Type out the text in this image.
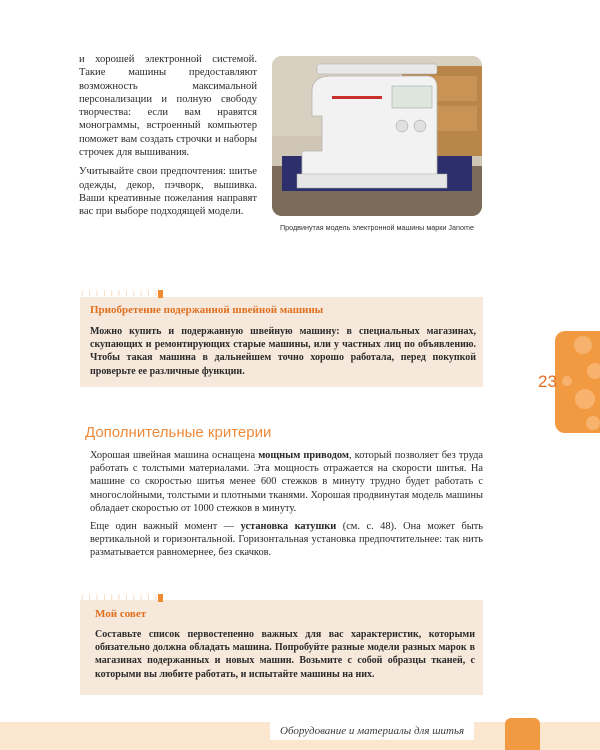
и хорошей электронной системой. Такие машины предоставляют возможность максимальной персонализации и полную свободу творчества: если вам нравятся монограммы, встроенный компьютер поможет вам создать строчки и наборы строчек для вышивания.

Учитывайте свои предпочтения: шитье одежды, декор, пэчворк, вышивка. Ваши креативные пожелания направят вас при выборе подходящей модели.

Продвинутая модель электронной машины марки Janome
⁝ ⁝ ⁝ ⁝ ⁝ ⁝ ⁝ ⁝ ⁝ ⁝ ⁝
Приобретение подержанной швейной машины
Можно купить и подержанную швейную машину: в специальных магазинах, скупающих и ремонтирующих старые машины, или у частных лиц по объявлению. Чтобы такая машина в дальнейшем точно хорошо работала, перед покупкой проверьте ее различные функции.
Дополнительные критерии

Хорошая швейная машина оснащена мощным приводом, который позволяет без труда работать с толстыми материалами. Эта мощность отражается на скорости шитья. На машине со скоростью шитья менее 600 стежков в минуту трудно будет работать с многослойными, толстыми и плотными тканями. Хорошая продвинутая модель машины обладает скоростью от 1000 стежков в минуту.

Еще один важный момент — установка катушки (см. с. 48). Она может быть вертикальной и горизонтальной. Горизонтальная установка предпочтительнее: так нить разматывается равномернее, без скачков.

⁝ ⁝ ⁝ ⁝ ⁝ ⁝ ⁝ ⁝ ⁝ ⁝ ⁝
Мой совет
Составьте список первостепенно важных для вас характеристик, которыми обязательно должна обладать машина. Попробуйте разные модели разных марок в магазинах подержанных и новых машин. Возьмите с собой образцы тканей, с которыми вы любите работать, и испытайте машины на них.
23
Оборудование и материалы для шитья
